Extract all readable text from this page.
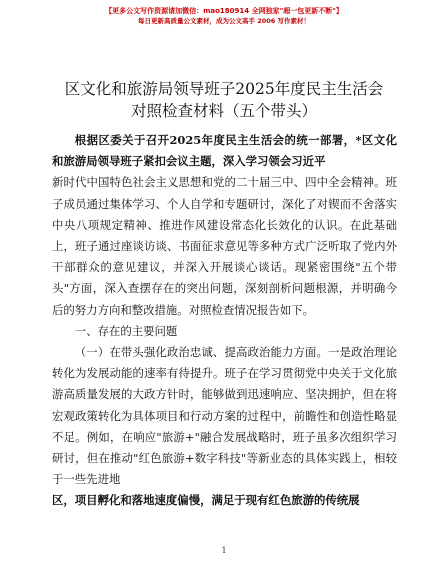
【更多公文写作资源请加微信：mao180914 全网独家"超一包更新不断"】
每日更新高质量公文素材，成为公文高手 2006 写作素材！
区文化和旅游局领导班子2025年度民主生活会
对照检查材料（五个带头）

根据区委关于召开2025年度民主生活会的统一部署，*区文化和旅游局领导班子紧扣会议主题，深入学习领会习近平

新时代中国特色社会主义思想和党的二十届三中、四中全会精神。班子成员通过集体学习、个人自学和专题研讨，深化了对锲而不舍落实中央八项规定精神、推进作风建设常态化长效化的认识。在此基础上，班子通过座谈访谈、书面征求意见等多种方式广泛听取了党内外干部群众的意见建议，并深入开展谈心谈话。现紧密围绕"五个带头"方面，深入查摆存在的突出问题，深刻剖析问题根源，并明确今后的努力方向和整改措施。对照检查情况报告如下。

一、存在的主要问题

（一）在带头强化政治忠诚、提高政治能力方面。一是政治理论转化为发展动能的速率有待提升。班子在学习贯彻党中央关于文化旅游高质量发展的大政方针时，能够做到迅速响应、坚决拥护，但在将宏观政策转化为具体项目和行动方案的过程中，前瞻性和创造性略显不足。例如，在响应"旅游+"融合发展战略时，班子虽多次组织学习研讨，但在推动"红色旅游+数字科技"等新业态的具体实践上，相较于一些先进地

区，项目孵化和落地速度偏慢，满足于现有红色旅游的传统展

1
